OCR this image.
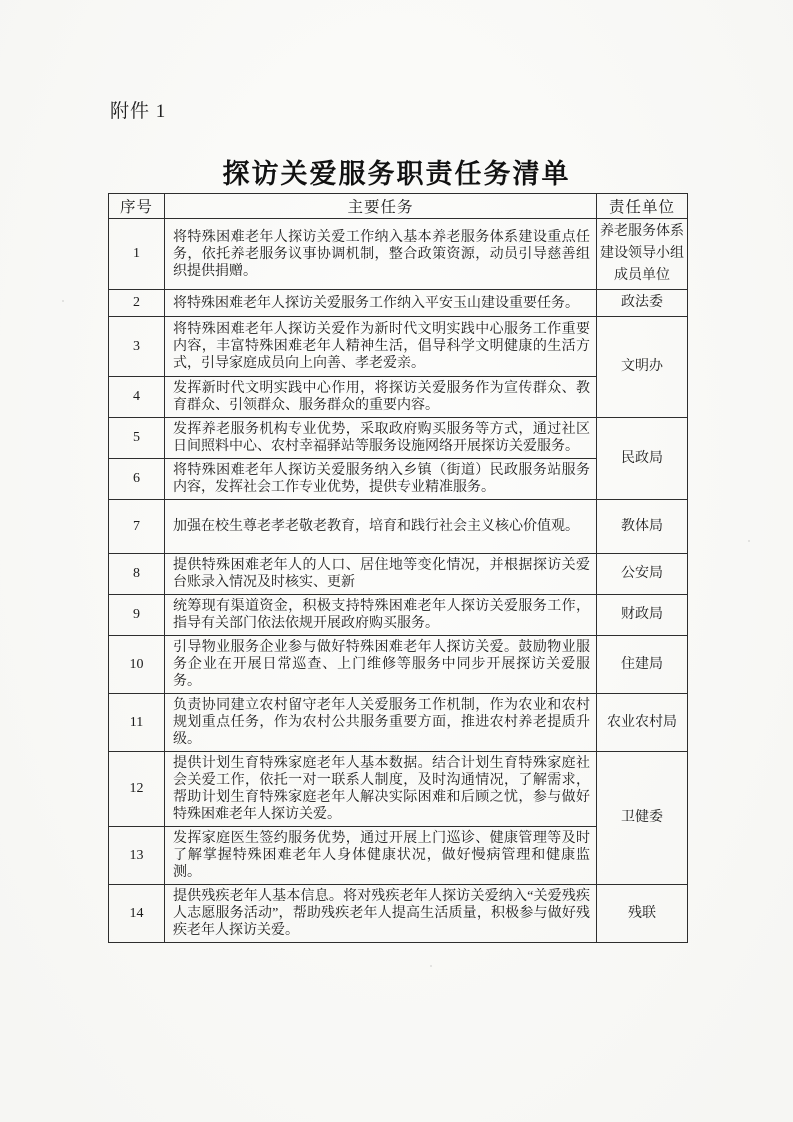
附件 1
探访关爱服务职责任务清单
序号	主要任务	责任单位
1	将特殊困难老年人探访关爱工作纳入基本养老服务体系建设重点任务，依托养老服务议事协调机制，整合政策资源，动员引导慈善组织提供捐赠。	养老服务体系建设领导小组成员单位
2	将特殊困难老年人探访关爱服务工作纳入平安玉山建设重要任务。	政法委
3	将特殊困难老年人探访关爱作为新时代文明实践中心服务工作重要内容，丰富特殊困难老年人精神生活，倡导科学文明健康的生活方式，引导家庭成员向上向善、孝老爱亲。	文明办
4	发挥新时代文明实践中心作用，将探访关爱服务作为宣传群众、教育群众、引领群众、服务群众的重要内容。	
5	发挥养老服务机构专业优势，采取政府购买服务等方式，通过社区日间照料中心、农村幸福驿站等服务设施网络开展探访关爱服务。	民政局
6	将特殊困难老年人探访关爱服务纳入乡镇（街道）民政服务站服务内容，发挥社会工作专业优势，提供专业精准服务。	
7	加强在校生尊老孝老敬老教育，培育和践行社会主义核心价值观。	教体局
8	提供特殊困难老年人的人口、居住地等变化情况，并根据探访关爱台账录入情况及时核实、更新	公安局
9	统筹现有渠道资金，积极支持特殊困难老年人探访关爱服务工作，指导有关部门依法依规开展政府购买服务。	财政局
10	引导物业服务企业参与做好特殊困难老年人探访关爱。鼓励物业服务企业在开展日常巡查、上门维修等服务中同步开展探访关爱服务。	住建局
11	负责协同建立农村留守老年人关爱服务工作机制，作为农业和农村规划重点任务，作为农村公共服务重要方面，推进农村养老提质升级。	农业农村局
12	提供计划生育特殊家庭老年人基本数据。结合计划生育特殊家庭社会关爱工作，依托一对一联系人制度，及时沟通情况，了解需求，帮助计划生育特殊家庭老年人解决实际困难和后顾之忧，参与做好特殊困难老年人探访关爱。	卫健委
13	发挥家庭医生签约服务优势，通过开展上门巡诊、健康管理等及时了解掌握特殊困难老年人身体健康状况，做好慢病管理和健康监测。	
14	提供残疾老年人基本信息。将对残疾老年人探访关爱纳入“关爱残疾人志愿服务活动”，帮助残疾老年人提高生活质量，积极参与做好残疾老年人探访关爱。	残联
